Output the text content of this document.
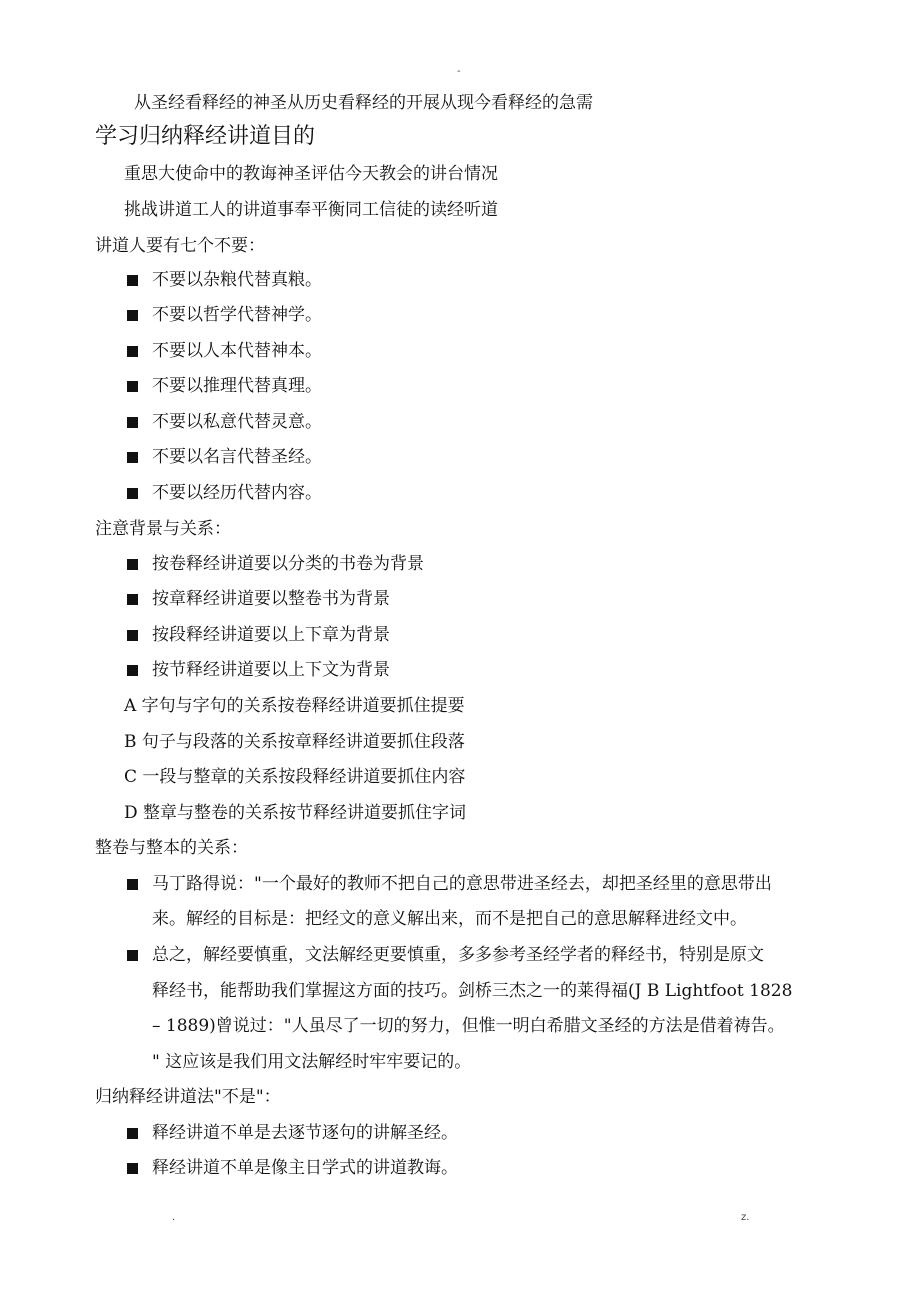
-
从圣经看释经的神圣从历史看释经的开展从现今看释经的急需
学习归纳释经讲道目的
重思大使命中的教诲神圣评估今天教会的讲台情况
挑战讲道工人的讲道事奉平衡同工信徒的读经听道
讲道人要有七个不要：
不要以杂粮代替真粮。
不要以哲学代替神学。
不要以人本代替神本。
不要以推理代替真理。
不要以私意代替灵意。
不要以名言代替圣经。
不要以经历代替内容。
注意背景与关系：
按卷释经讲道要以分类的书卷为背景
按章释经讲道要以整卷书为背景
按段释经讲道要以上下章为背景
按节释经讲道要以上下文为背景
A 字句与字句的关系按卷释经讲道要抓住提要
B 句子与段落的关系按章释经讲道要抓住段落
C 一段与整章的关系按段释经讲道要抓住内容
D 整章与整卷的关系按节释经讲道要抓住字词
整卷与整本的关系：
马丁路得说："一个最好的教师不把自己的意思带进圣经去，却把圣经里的意思带出
来。解经的目标是：把经文的意义解出来，而不是把自己的意思解释进经文中。
总之，解经要慎重，文法解经更要慎重，多多参考圣经学者的释经书，特别是原文
释经书，能帮助我们掌握这方面的技巧。剑桥三杰之一的莱得福(J B Lightfoot 1828
– 1889)曾说过："人虽尽了一切的努力，但惟一明白希腊文圣经的方法是借着祷告。
" 这应该是我们用文法解经时牢牢要记的。
归纳释经讲道法"不是"：
释经讲道不单是去逐节逐句的讲解圣经。
释经讲道不单是像主日学式的讲道教诲。
.	z.
